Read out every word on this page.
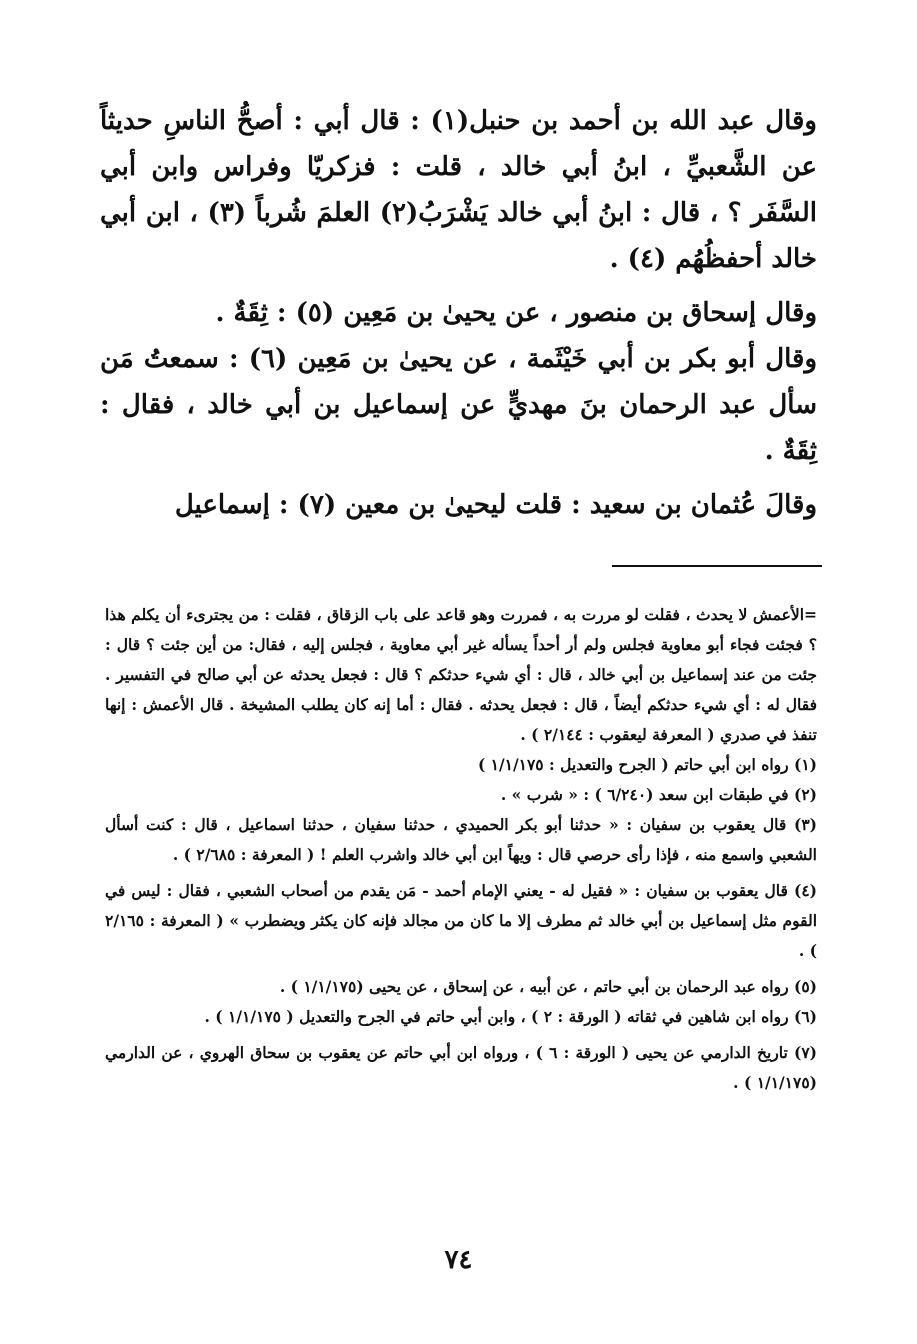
وقال عبد الله بن أحمد بن حنبل(١) : قال أبي : أصحُّ الناسِ حديثاً عن الشَّعبيِّ ، ابنُ أبي خالد ، قلت : فزكريّا وفراس وابن أبي السَّفَر ؟ ، قال : ابنُ أبي خالد يَشْرَبُ(٢) العلمَ شُرباً (٣) ، ابن أبي خالد أحفظُهُم (٤) .

وقال إسحاق بن منصور ، عن يحيىٰ بن مَعِين (٥) : ثِقَةٌ .

وقال أبو بكر بن أبي خَيْثَمة ، عن يحيىٰ بن مَعِين (٦) : سمعتُ مَن سأل عبد الرحمان بنَ مهديٍّ عن إسماعيل بن أبي خالد ، فقال : ثِقَةٌ .

وقالَ عُثمان بن سعيد : قلت ليحيىٰ بن معين (٧) : إسماعيل

=الأعمش لا يحدث ، فقلت لو مررت به ، فمررت وهو قاعد على باب الزقاق ، فقلت : من يجترىء أن يكلم هذا ؟ فجئت فجاء أبو معاوية فجلس ولم أر أحداً يسأله غير أبي معاوية ، فجلس إليه ، فقال: من أين جئت ؟ قال : جئت من عند إسماعيل بن أبي خالد ، قال : أي شيء حدثكم ؟ قال : فجعل يحدثه عن أبي صالح في التفسير . فقال له : أي شيء حدثكم أيضاً ، قال : فجعل يحدثه . فقال : أما إنه كان يطلب المشيخة . قال الأعمش : إنها تنفذ في صدري ( المعرفة ليعقوب : ٢/١٤٤ ) .

(١) رواه ابن أبي حاتم ( الجرح والتعديل : ١/١/١٧٥ )

(٢) في طبقات ابن سعد (٦/٢٤٠ ) : « شرب » .

(٣) قال يعقوب بن سفيان : « حدثنا أبو بكر الحميدي ، حدثنا سفيان ، حدثنا اسماعيل ، قال : كنت أسأل الشعبي واسمع منه ، فإذا رأى حرصي قال : ويهاً ابن أبي خالد واشرب العلم ! ( المعرفة : ٢/٦٨٥ ) .

(٤) قال يعقوب بن سفيان : « فقيل له - يعني الإمام أحمد - مَن يقدم من أصحاب الشعبي ، فقال : ليس في القوم مثل إسماعيل بن أبي خالد ثم مطرف إلا ما كان من مجالد فإنه كان يكثر ويضطرب » ( المعرفة : ٢/١٦٥ ) .

(٥) رواه عبد الرحمان بن أبي حاتم ، عن أبيه ، عن إسحاق ، عن يحيى (١/١/١٧٥ ) .

(٦) رواه ابن شاهين في ثقاته ( الورقة : ٢ ) ، وابن أبي حاتم في الجرح والتعديل ( ١/١/١٧٥ ) .

(٧) تاريخ الدارمي عن يحيى ( الورقة : ٦ ) ، ورواه ابن أبي حاتم عن يعقوب بن سحاق الهروي ، عن الدارمي (١/١/١٧٥ ) .

٧٤
